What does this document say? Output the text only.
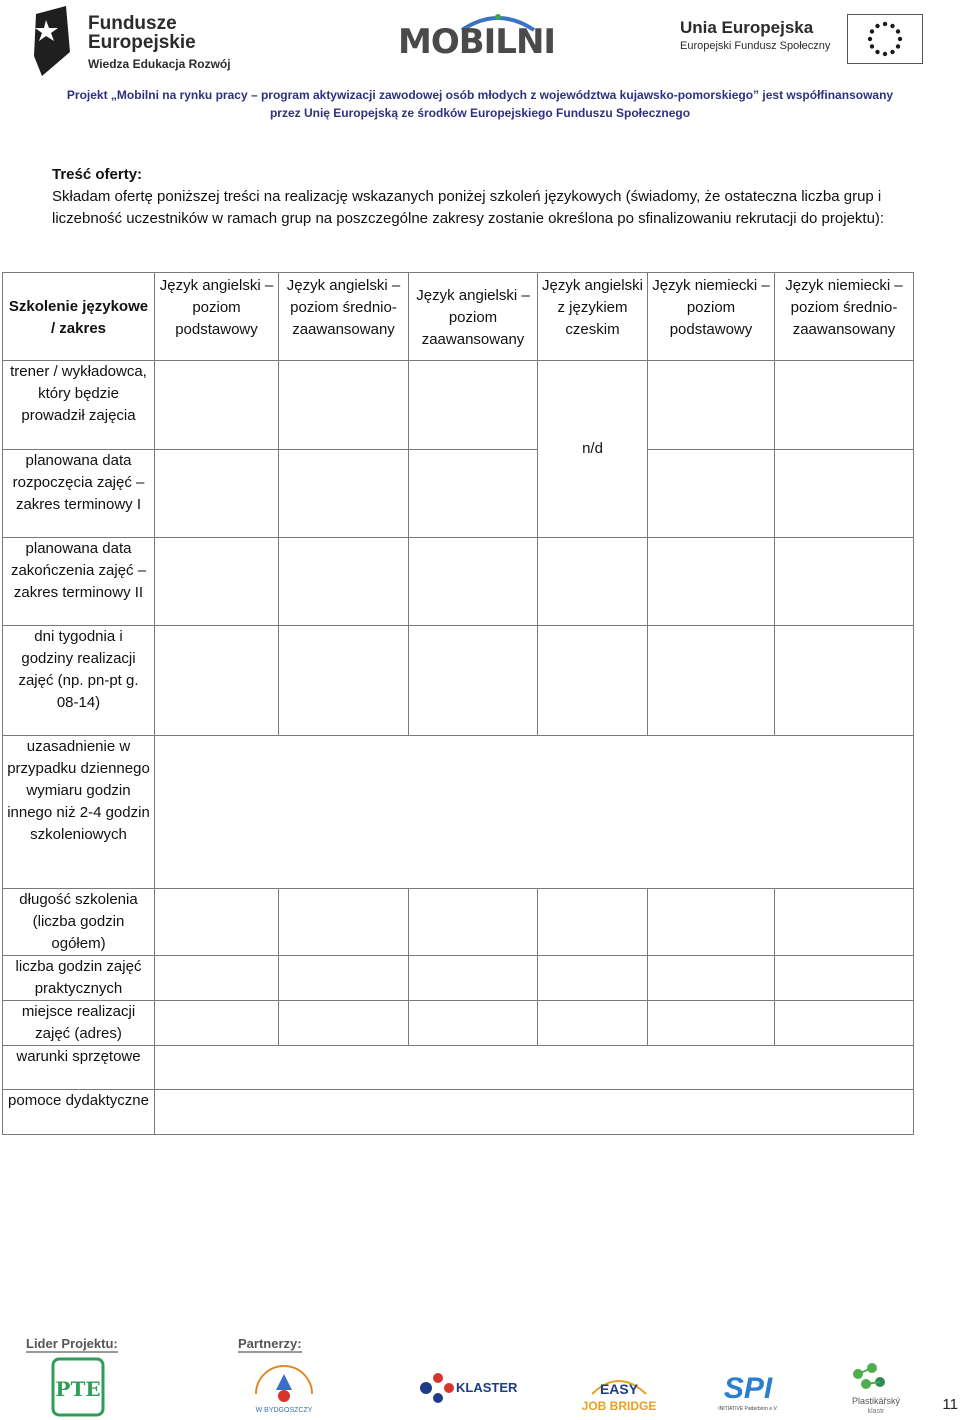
Fundusze
Europejskie
Wiedza Edukacja Rozwój
MOBILNI	Unia Europejska
Europejski Fundusz Społeczny
Projekt „Mobilni na rynku pracy – program aktywizacji zawodowej osób młodych z województwa kujawsko-pomorskiego” jest współfinansowany
przez Unię Europejską ze środków Europejskiego Funduszu Społecznego
Treść oferty:
Składam ofertę poniższej treści na realizację wskazanych poniżej szkoleń językowych (świadomy, że ostateczna liczba grup i liczebność uczestników w ramach grup na poszczególne zakresy zostanie określona po sfinalizowaniu rekrutacji do projektu):
Szkolenie językowe / zakres	Język angielski – poziom podstawowy	Język angielski – poziom średnio-zaawansowany	Język angielski – poziom zaawansowany	Język angielski z językiem czeskim	Język niemiecki – poziom podstawowy	Język niemiecki – poziom średnio-zaawansowany
trener / wykładowca, który będzie prowadził zajęcia				n/d		
planowana data rozpoczęcia zajęć – zakres terminowy I						
planowana data zakończenia zajęć – zakres terminowy II						
dni tygodnia i godziny realizacji zajęć (np. pn-pt g. 08-14)						
uzasadnienie w przypadku dziennego wymiaru godzin innego niż 2-4 godzin szkoleniowych						
długość szkolenia (liczba godzin ogółem)						
liczba godzin zajęć praktycznych						
miejsce realizacji zajęć (adres)						
warunki sprzętowe						
pomoce dydaktyczne						
Lider Projektu:	Partnerzy:
PTE
W BYDGOSZCZY
KLASTER	EASY
JOB BRIDGE
SPI
INITIATIVE Paderborn e.V.
Plastikářský
klastr	11
